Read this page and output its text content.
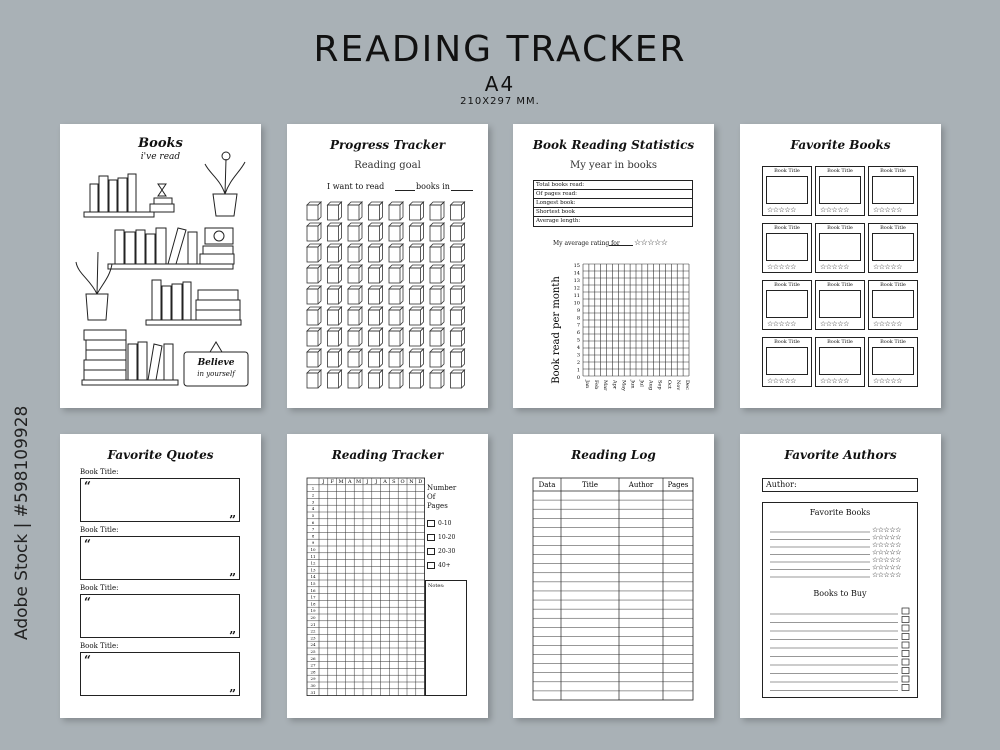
READING TRACKER
A4
210X297 MM.
Adobe Stock | #598109928
Books
i've read
Believe
in yourself
Progress Tracker
Reading goal
I want to read	books in
Book Reading Statistics
My year in books
Total books read:
Of pages read:
Longest book:
Shortest book
Average length:
My average rating for ☆☆☆☆☆
15
14
13
12
11
10
9
8
7
6
5
4
3
2
1
0
Jan Feb Mar Apr May Jun Jul Aug Sep Oct Nov Dec
Book read per month
Favorite Books
Book Title
☆☆☆☆☆
Book Title
☆☆☆☆☆
Book Title
☆☆☆☆☆
Book Title
☆☆☆☆☆
Book Title
☆☆☆☆☆
Book Title
☆☆☆☆☆
Book Title
☆☆☆☆☆
Book Title
☆☆☆☆☆
Book Title
☆☆☆☆☆
Book Title
☆☆☆☆☆
Book Title
☆☆☆☆☆
Book Title
☆☆☆☆☆
Favorite Quotes
Book Title:
“
”
Book Title:
“
”
Book Title:
“
”
Book Title:
“
”
Reading Tracker
J F M A M J J A S O N D
1
2
3
4
5
6
7
8
9
10
11
12
13
14
15
16
17
18
19
20
21
22
23
24
25
26
27
28
29
30
31
Number
Of
Pages
0-10
10-20
20-30
40+
Notes:
Reading Log
Data	Title	Author Pages
Favorite Authors
Author:
Favorite Books
Books to Buy
☆☆☆☆☆
☆☆☆☆☆
☆☆☆☆☆
☆☆☆☆☆
☆☆☆☆☆
☆☆☆☆☆
☆☆☆☆☆
